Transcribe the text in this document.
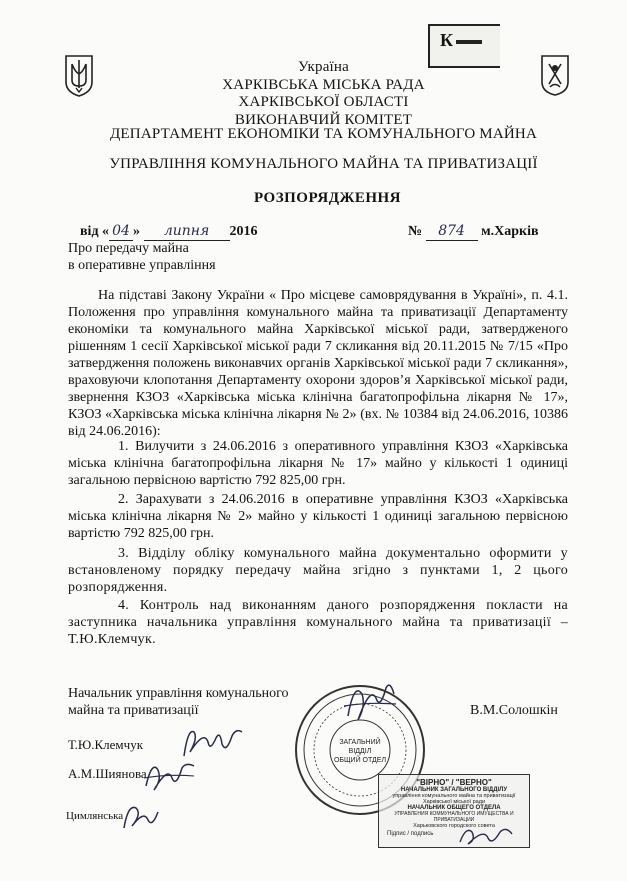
К
Україна
ХАРКІВСЬКА МІСЬКА РАДА
ХАРКІВСЬКОЇ ОБЛАСТІ
ВИКОНАВЧИЙ КОМІТЕТ
ДЕПАРТАМЕНТ ЕКОНОМІКИ ТА КОМУНАЛЬНОГО МАЙНА
УПРАВЛІННЯ КОМУНАЛЬНОГО МАЙНА ТА ПРИВАТИЗАЦІЇ
РОЗПОРЯДЖЕННЯ
від « 04 » липня 2016	№ 874 м.Харків
Про передачу майна
в оперативне управління
На підставі Закону України « Про місцеве самоврядування в Україні», п. 4.1. Положення про управління комунального майна та приватизації Департаменту економіки та комунального майна Харківської міської ради, затвердженого рішенням 1 сесії Харківської міської ради 7 скликання від 20.11.2015 № 7/15 «Про затвердження положень виконавчих органів Харківської міської ради 7 скликання», враховуючи клопотання Департаменту охорони здоров’я Харківської міської ради, звернення КЗОЗ «Харківська міська клінічна багатопрофільна лікарня № 17», КЗОЗ «Харківська міська клінічна лікарня № 2» (вх. № 10384 від 24.06.2016, 10386 від 24.06.2016):
1. Вилучити з 24.06.2016 з оперативного управління КЗОЗ «Харківська міська клінічна багатопрофільна лікарня № 17» майно у кількості 1 одиниці загальною первісною вартістю 792 825,00 грн.
2. Зарахувати з 24.06.2016 в оперативне управління КЗОЗ «Харківська міська клінічна лікарня № 2» майно у кількості 1 одиниці загальною первісною вартістю 792 825,00 грн.
3. Відділу обліку комунального майна документально оформити у встановленому порядку передачу майна згідно з пунктами 1, 2 цього розпорядження.
4. Контроль над виконанням даного розпорядження покласти на заступника начальника управління комунального майна та приватизації – Т.Ю.Клемчук.
Начальник управління комунального
майна та приватизації	В.М.Солошкін
Т.Ю.Клемчук
А.М.Шиянова
Цимлянська
ЗАГАЛЬНИЙ
ВІДДІЛ
ОБЩИЙ ОТДЕЛ
"ВІРНО" / "ВЕРНО"
НАЧАЛЬНИК ЗАГАЛЬНОГО ВІДДІЛУ
управління комунального майна та приватизації
Харківської міської ради
НАЧАЛЬНИК ОБЩЕГО ОТДЕЛА
УПРАВЛЕНИЯ КОММУНАЛЬНОГО ИМУЩЕСТВА И ПРИВАТИЗАЦИИ
Харьковского городского совета
Підпис / подпись
